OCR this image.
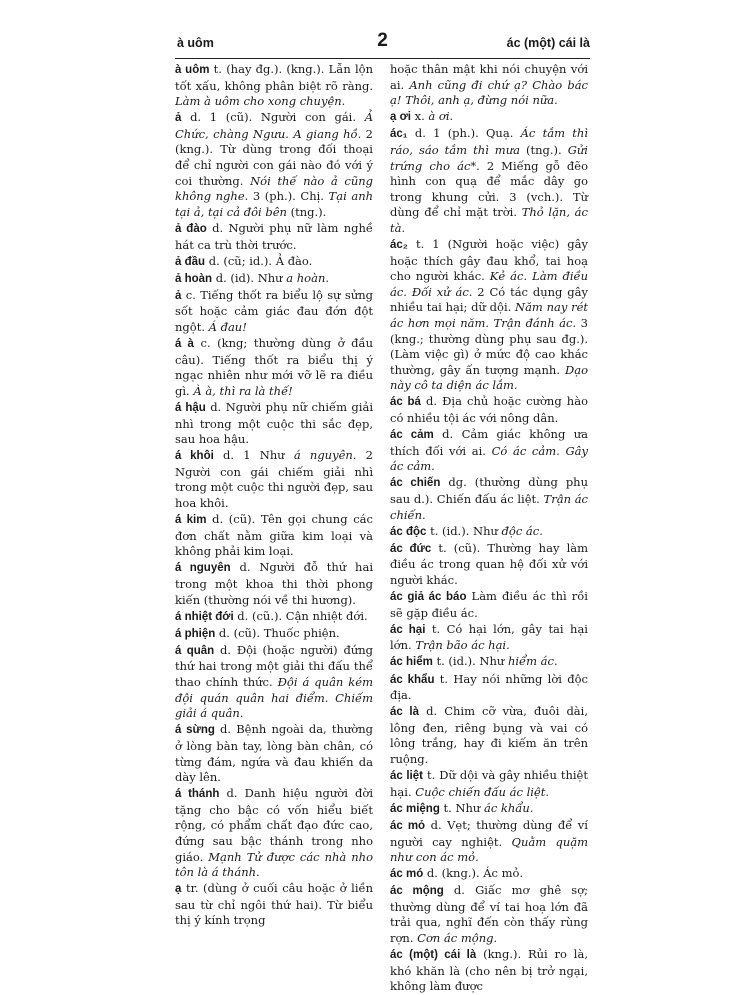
à uôm	2	ác (một) cái là

à uôm t. (hay đg.). (kng.). Lẫn lộn tốt xấu, không phân biệt rõ ràng. Làm à uôm cho xong chuyện.

ả d. 1 (cũ). Người con gái. Ả Chức, chàng Ngưu. A giang hồ. 2 (kng.). Từ dùng trong đối thoại để chỉ người con gái nào đó với ý coi thường. Nói thế nào ả cũng không nghe. 3 (ph.). Chị. Tại anh tại ả, tại cả đôi bên (tng.).

ả đào d. Người phụ nữ làm nghề hát ca trù thời trước.

ả đầu d. (cũ; id.). Ả đào.

ả hoàn d. (id). Như a hoàn.

ả c. Tiếng thốt ra biểu lộ sự sửng sốt hoặc cảm giác đau đớn đột ngột. Á đau!

á à c. (kng; thường dùng ở đầu câu). Tiếng thốt ra biểu thị ý ngạc nhiên như mới vỡ lẽ ra điều gì. À à, thì ra là thế!

á hậu d. Người phụ nữ chiếm giải nhì trong một cuộc thi sắc đẹp, sau hoa hậu.

á khôi d. 1 Như á nguyên. 2 Người con gái chiếm giải nhì trong một cuộc thi người đẹp, sau hoa khôi.

á kim d. (cũ). Tên gọi chung các đơn chất nằm giữa kim loại và không phải kim loại.

á nguyên d. Người đỗ thứ hai trong một khoa thi thời phong kiến (thường nói về thi hương).

á nhiệt đới d. (cũ.). Cận nhiệt đới.

á phiện d. (cũ). Thuốc phiện.

á quân d. Đội (hoặc người) đứng thứ hai trong một giải thi đấu thể thao chính thức. Đội á quân kém đội quán quân hai điểm. Chiếm giải á quân.

á sừng d. Bệnh ngoài da, thường ở lòng bàn tay, lòng bàn chân, có từng đám, ngứa và đau khiến da dày lên.

á thánh d. Danh hiệu người đời tặng cho bậc có vốn hiểu biết rộng, có phẩm chất đạo đức cao, đứng sau bậc thánh trong nho giáo. Mạnh Tử được các nhà nho tôn là á thánh.

ạ tr. (dùng ở cuối câu hoặc ở liền sau từ chỉ ngôi thứ hai). Từ biểu thị ý kính trọng

hoặc thân mật khi nói chuyện với ai. Anh cũng đi chứ ạ? Chào bác ạ! Thôi, anh ạ, đừng nói nữa.

ạ ơi x. à ơi.

ác₁ d. 1 (ph.). Quạ. Ác tắm thì ráo, sáo tắm thì mưa (tng.). Gửi trứng cho ác*. 2 Miếng gỗ đẽo hình con quạ để mắc dây go trong khung cửi. 3 (vch.). Từ dùng để chỉ mặt trời. Thỏ lặn, ác tà.

ác₂ t. 1 (Người hoặc việc) gây hoặc thích gây đau khổ, tai hoạ cho người khác. Kẻ ác. Làm điều ác. Đối xử ác. 2 Có tác dụng gây nhiều tai hại; dữ dội. Năm nay rét ác hơn mọi năm. Trận đánh ác. 3 (kng.; thường dùng phụ sau đg.). (Làm việc gì) ở mức độ cao khác thường, gây ấn tượng mạnh. Dạo này cô ta diện ác lắm.

ác bá d. Địa chủ hoặc cường hào có nhiều tội ác với nông dân.

ác cảm d. Cảm giác không ưa thích đối với ai. Có ác cảm. Gây ác cảm.

ác chiến dg. (thường dùng phụ sau d.). Chiến đấu ác liệt. Trận ác chiến.

ác độc t. (id.). Như độc ác.

ác đức t. (cũ). Thường hay làm điều ác trong quan hệ đối xử với người khác.

ác giả ác báo Làm điều ác thì rồi sẽ gặp điều ác.

ác hại t. Có hại lớn, gây tai hại lớn. Trận bão ác hại.

ác hiểm t. (id.). Như hiểm ác.

ác khẩu t. Hay nói những lời độc địa.

ác là d. Chim cỡ vừa, đuôi dài, lông đen, riêng bụng và vai có lông trắng, hay đi kiếm ăn trên ruộng.

ác liệt t. Dữ dội và gây nhiều thiệt hại. Cuộc chiến đấu ác liệt.

ác miệng t. Như ác khẩu.

ác mỏ d. Vẹt; thường dùng để ví người cay nghiệt. Quằm quặm như con ác mỏ.

ác mó d. (kng.). Ác mỏ.

ác mộng d. Giấc mơ ghê sợ; thường dùng để ví tai hoạ lớn đã trải qua, nghĩ đến còn thấy rùng rợn. Cơn ác mộng.

ác (một) cái là (kng.). Rủi ro là, khó khăn là (cho nên bị trở ngại, không làm được
